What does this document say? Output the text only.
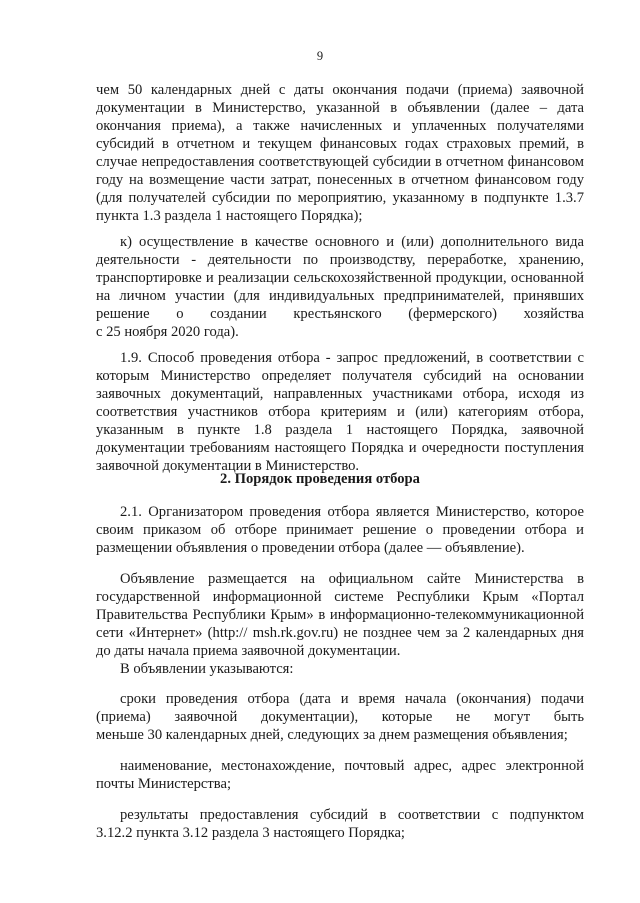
9
чем 50 календарных дней с даты окончания подачи (приема) заявочной
документации в Министерство, указанной в объявлении (далее – дата
окончания приема), а также начисленных и уплаченных получателями
субсидий в отчетном и текущем финансовых годах страховых премий, в
случае непредоставления соответствующей субсидии в отчетном финансовом
году на возмещение части затрат, понесенных в отчетном финансовом году
(для получателей субсидии по мероприятию, указанному в подпункте 1.3.7
пункта 1.3 раздела 1 настоящего Порядка);
к) осуществление в качестве основного и (или) дополнительного вида
деятельности - деятельности по производству, переработке, хранению,
транспортировке и реализации сельскохозяйственной продукции, основанной
на личном участии (для индивидуальных предпринимателей, принявших
решение о создании крестьянского (фермерского) хозяйства
с 25 ноября 2020 года).
1.9. Способ проведения отбора - запрос предложений, в соответствии с
которым Министерство определяет получателя субсидий на основании
заявочных документаций, направленных участниками отбора, исходя из
соответствия участников отбора критериям и (или) категориям отбора,
указанным в пункте 1.8 раздела 1 настоящего Порядка, заявочной
документации требованиям настоящего Порядка и очередности поступления
заявочной документации в Министерство.
2. Порядок проведения отбора
2.1. Организатором проведения отбора является Министерство, которое
своим приказом об отборе принимает решение о проведении отбора и
размещении объявления о проведении отбора (далее — объявление).
Объявление размещается на официальном сайте Министерства в
государственной информационной системе Республики Крым «Портал
Правительства Республики Крым» в информационно-телекоммуникационной
сети «Интернет» (http:// msh.rk.gov.ru) не позднее чем за 2 календарных дня
до даты начала приема заявочной документации.
В объявлении указываются:
сроки проведения отбора (дата и время начала (окончания) подачи
(приема) заявочной документации), которые не могут быть
меньше 30 календарных дней, следующих за днем размещения объявления;
наименование, местонахождение, почтовый адрес, адрес электронной
почты Министерства;
результаты предоставления субсидий в соответствии с подпунктом
3.12.2 пункта 3.12 раздела 3 настоящего Порядка;
